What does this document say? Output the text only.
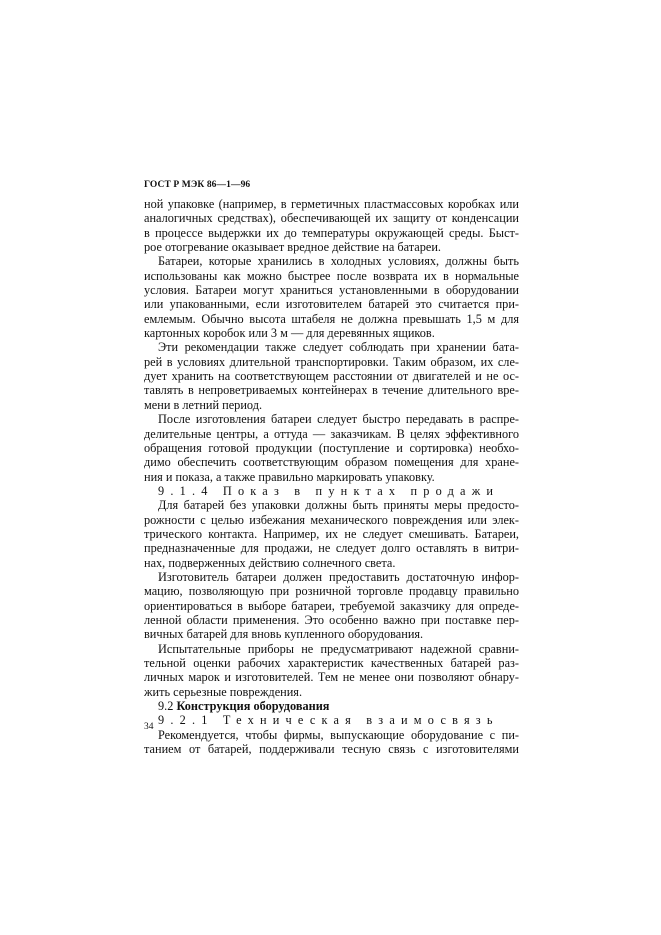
ГОСТ Р МЭК 86—1—96
ной упаковке (например, в герметичных пластмассовых коробках или
аналогичных средствах), обеспечивающей их защиту от конденсации
в процессе выдержки их до температуры окружающей среды. Быст-
рое отогревание оказывает вредное действие на батареи.
Батареи, которые хранились в холодных условиях, должны быть
использованы как можно быстрее после возврата их в нормальные
условия. Батареи могут храниться установленными в оборудовании
или упакованными, если изготовителем батарей это считается при-
емлемым. Обычно высота штабеля не должна превышать 1,5 м для
картонных коробок или 3 м — для деревянных ящиков.
Эти рекомендации также следует соблюдать при хранении бата-
рей в условиях длительной транспортировки. Таким образом, их сле-
дует хранить на соответствующем расстоянии от двигателей и не ос-
тавлять в непроветриваемых контейнерах в течение длительного вре-
мени в летний период.
После изготовления батареи следует быстро передавать в распре-
делительные центры, а оттуда — заказчикам. В целях эффективного
обращения готовой продукции (поступление и сортировка) необхо-
димо обеспечить соответствующим образом помещения для хране-
ния и показа, а также правильно маркировать упаковку.
9.1.4 Показ в пунктах продажи
Для батарей без упаковки должны быть приняты меры предосто-
рожности с целью избежания механического повреждения или элек-
трического контакта. Например, их не следует смешивать. Батареи,
предназначенные для продажи, не следует долго оставлять в витри-
нах, подверженных действию солнечного света.
Изготовитель батареи должен предоставить достаточную инфор-
мацию, позволяющую при розничной торговле продавцу правильно
ориентироваться в выборе батареи, требуемой заказчику для опреде-
ленной области применения. Это особенно важно при поставке пер-
вичных батарей для вновь купленного оборудования.
Испытательные приборы не предусматривают надежной сравни-
тельной оценки рабочих характеристик качественных батарей раз-
личных марок и изготовителей. Тем не менее они позволяют обнару-
жить серьезные повреждения.
9.2 Конструкция оборудования
9.2.1 Техническая взаимосвязь
Рекомендуется, чтобы фирмы, выпускающие оборудование с пи-
танием от батарей, поддерживали тесную связь с изготовителями
34
